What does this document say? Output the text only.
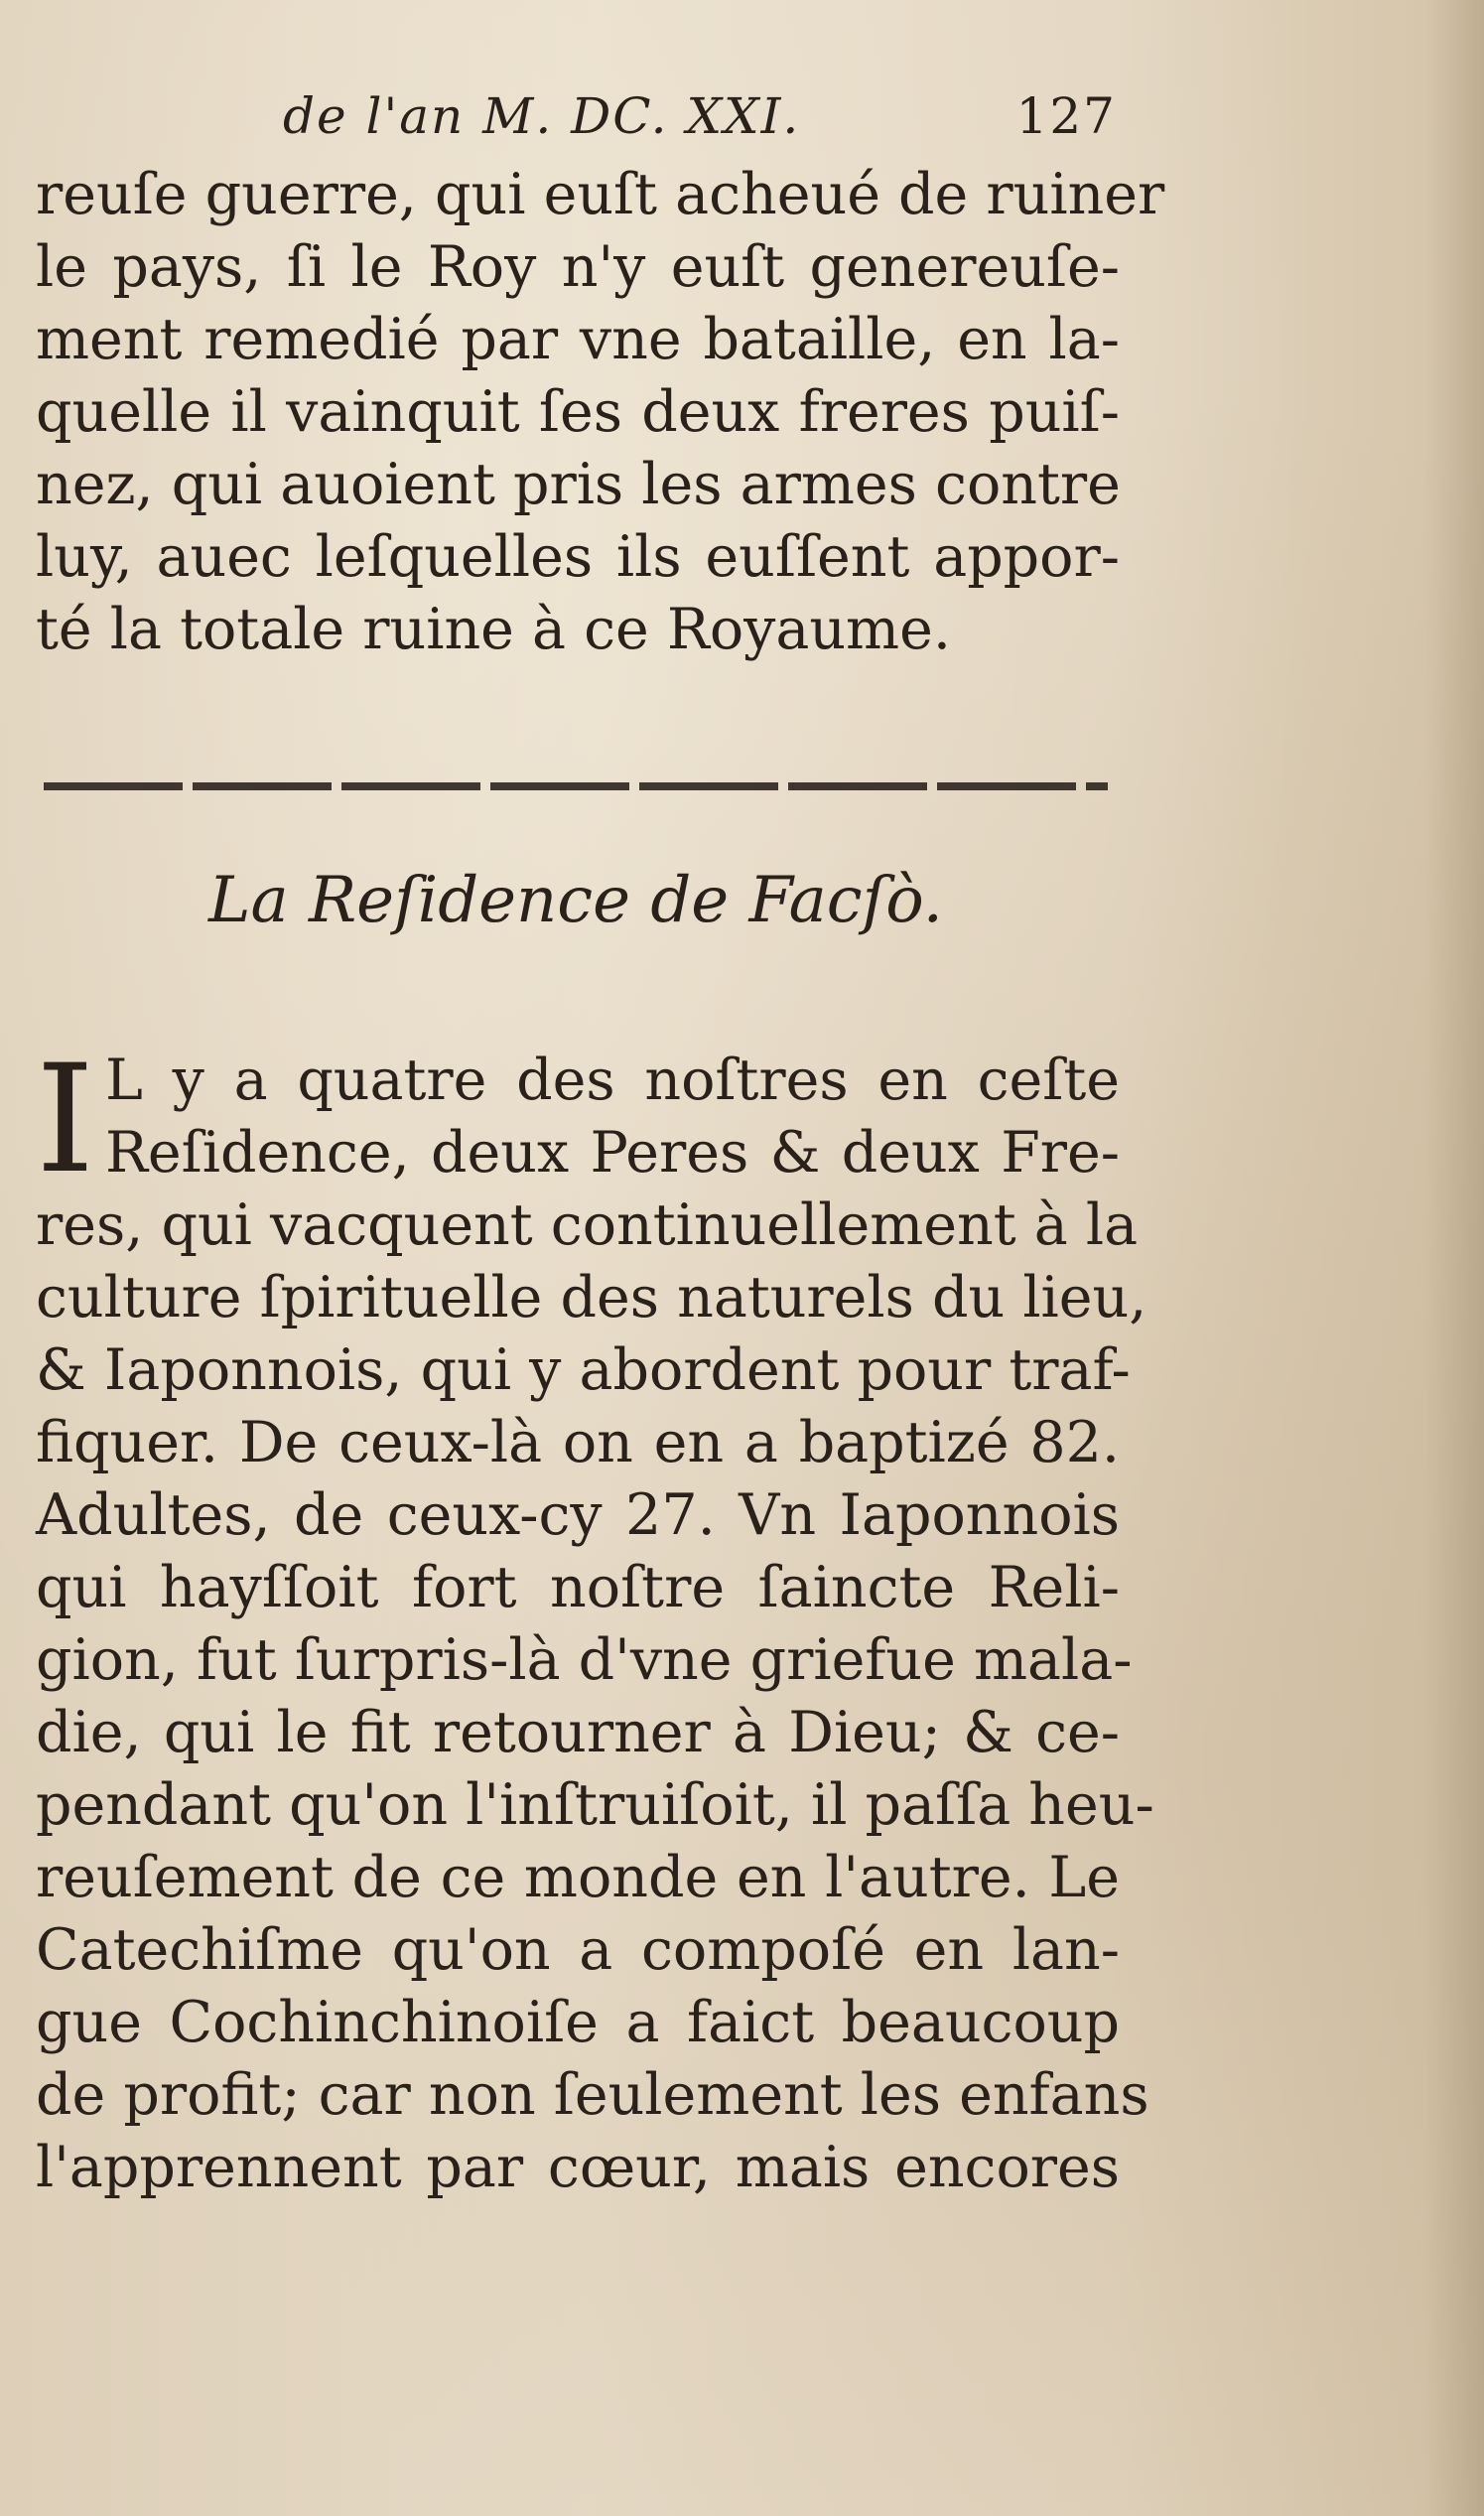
de l'an M. DC. XXI.	127
reuſe guerre, qui euſt acheué de ruiner
le pays, ſi le Roy n'y euſt genereuſe-
ment remedié par vne bataille, en la-
quelle il vainquit ſes deux freres puiſ-
nez, qui auoient pris les armes contre
luy, auec leſquelles ils euſſent appor-
té la totale ruine à ce Royaume.
La Reſidence de Facſò.
I L y a quatre des noſtres en ceſte
Reſidence, deux Peres & deux Fre-
res, qui vacquent continuellement à la
culture ſpirituelle des naturels du lieu,
& Iaponnois, qui y abordent pour traf-
fiquer. De ceux-là on en a baptizé 82.
Adultes, de ceux-cy 27. Vn Iaponnois
qui hayſſoit fort noſtre ſaincte Reli-
gion, fut ſurpris-là d'vne griefue mala-
die, qui le fit retourner à Dieu; & ce-
pendant qu'on l'inſtruiſoit, il paſſa heu-
reuſement de ce monde en l'autre. Le
Catechiſme qu'on a compoſé en lan-
gue Cochinchinoiſe a faict beaucoup
de profit; car non ſeulement les enfans
l'apprennent par cœur, mais encores
